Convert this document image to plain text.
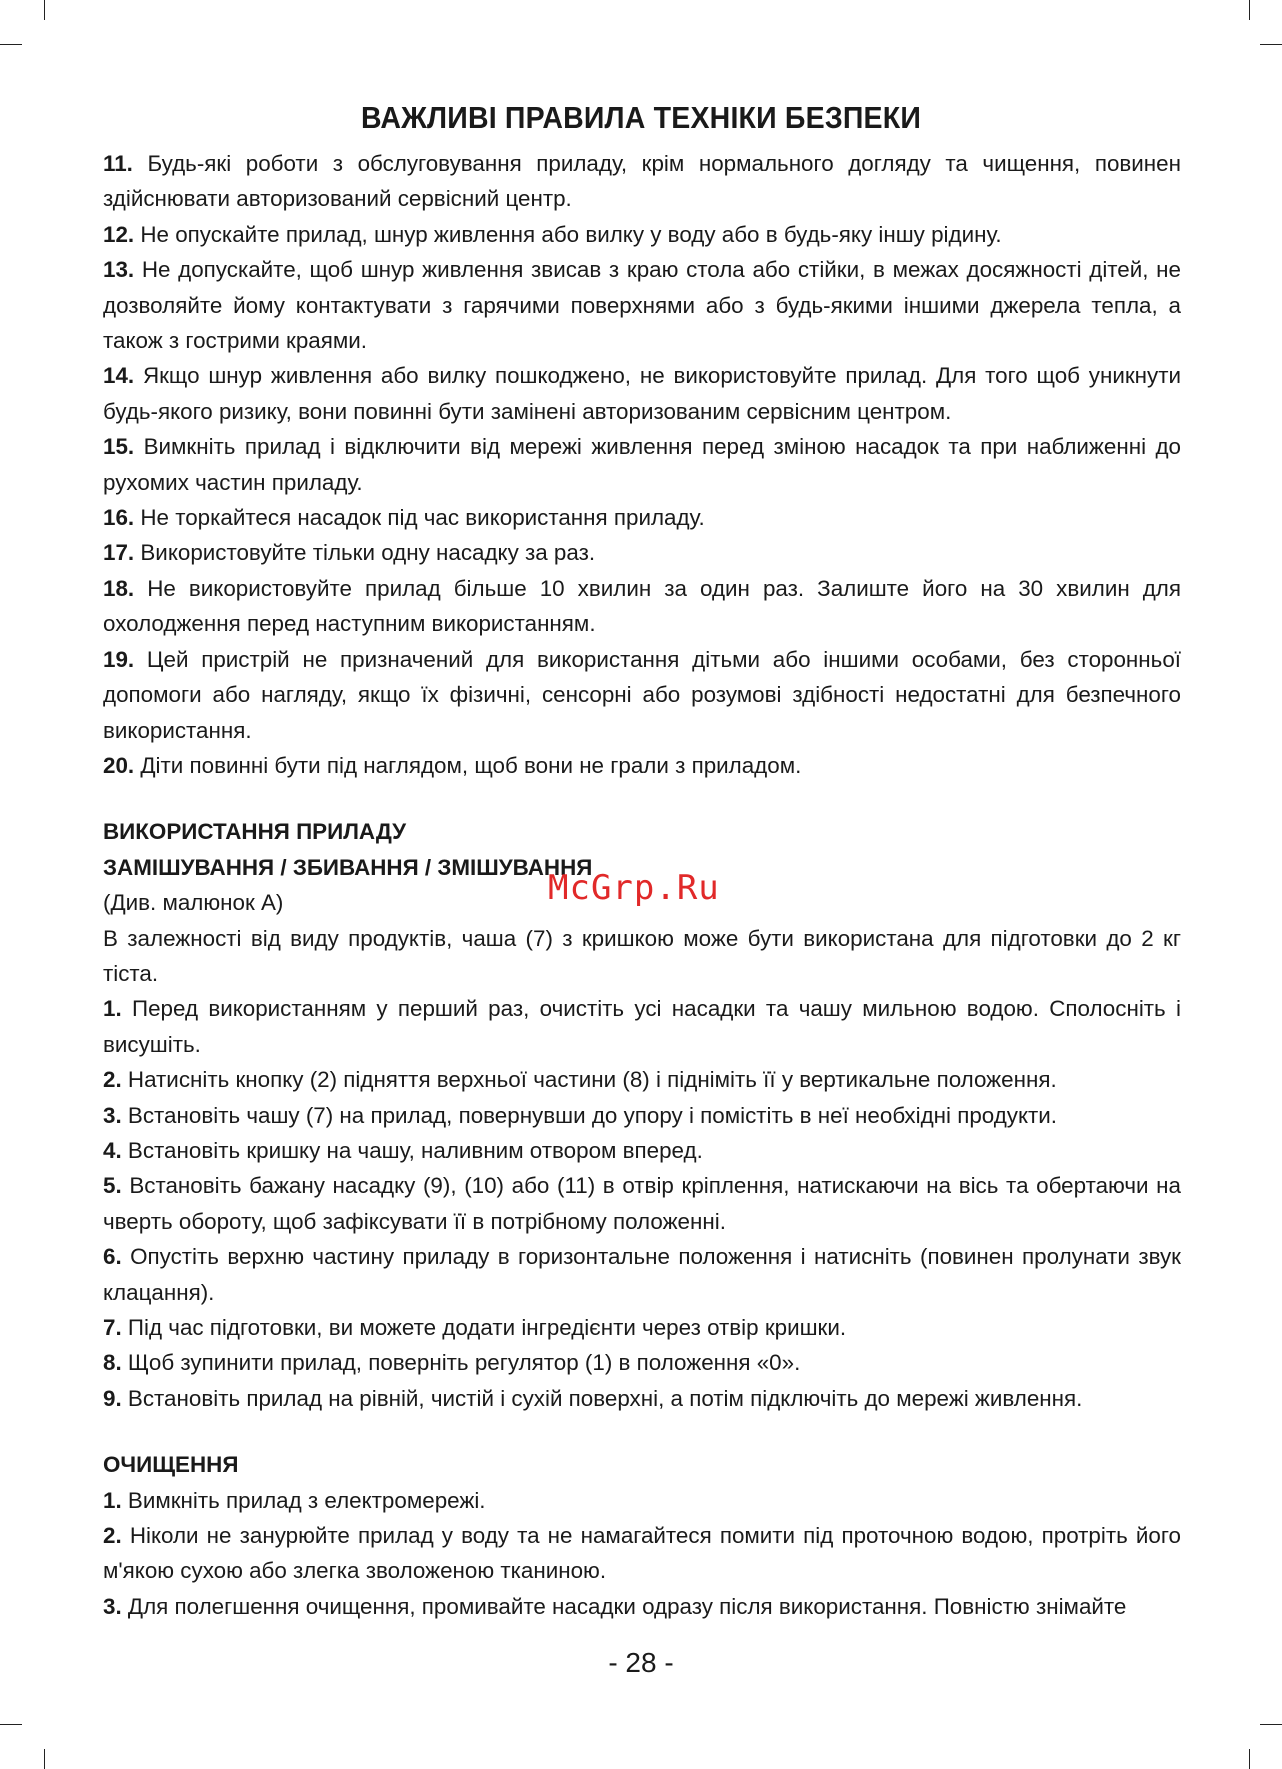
ВАЖЛИВІ ПРАВИЛА ТЕХНІКИ БЕЗПЕКИ

11. Будь-які роботи з обслуговування приладу, крім нормального догляду та чищення, повинен здійснювати авторизований сервісний центр.

12. Не опускайте прилад, шнур живлення або вилку у воду або в будь-яку іншу рідину.

13. Не допускайте, щоб шнур живлення звисав з краю стола або стійки, в межах досяжності дітей, не дозволяйте йому контактувати з гарячими поверхнями або з будь-якими іншими джерела тепла, а також з гострими краями.

14. Якщо шнур живлення або вилку пошкоджено, не використовуйте прилад. Для того щоб уникнути будь-якого ризику, вони повинні бути замінені авторизованим сервісним центром.

15. Вимкніть прилад і відключити від мережі живлення перед зміною насадок та при наближенні до рухомих частин приладу.

16. Не торкайтеся насадок під час використання приладу.

17. Використовуйте тільки одну насадку за раз.

18. Не використовуйте прилад більше 10 хвилин за один раз. Залиште його на 30 хвилин для охолодження перед наступним використанням.

19. Цей пристрій не призначений для використання дітьми або іншими особами, без сторонньої допомоги або нагляду, якщо їх фізичні, сенсорні або розумові здібності недостатні для безпечного використання.

20. Діти повинні бути під наглядом, щоб вони не грали з приладом.

ВИКОРИСТАННЯ ПРИЛАДУ

ЗАМІШУВАННЯ / ЗБИВАННЯ / ЗМІШУВАННЯ

(Див. малюнок А)

В залежності від виду продуктів, чаша (7) з кришкою може бути використана для підготовки до 2 кг тіста.

1. Перед використанням у перший раз, очистіть усі насадки та чашу мильною водою. Сполосніть і висушіть.

2. Натисніть кнопку (2) підняття верхньої частини (8) і підніміть її у вертикальне положення.

3. Встановіть чашу (7) на прилад, повернувши до упору і помістіть в неї необхідні продукти.

4. Встановіть кришку на чашу, наливним отвором вперед.

5. Встановіть бажану насадку (9), (10) або (11) в отвір кріплення, натискаючи на вісь та обертаючи на чверть обороту, щоб зафіксувати її в потрібному положенні.

6. Опустіть верхню частину приладу в горизонтальне положення і натисніть (повинен пролунати звук клацання).

7. Під час підготовки, ви можете додати інгредієнти через отвір кришки.

8. Щоб зупинити прилад, поверніть регулятор (1) в положення «0».

9. Встановіть прилад на рівній, чистій і сухій поверхні, а потім підключіть до мережі живлення.

ОЧИЩЕННЯ

1. Вимкніть прилад з електромережі.

2. Ніколи не занурюйте прилад у воду та не намагайтеся помити під проточною водою, протріть його м'якою сухою або злегка зволоженою тканиною.

3. Для полегшення очищення, промивайте насадки одразу після використання. Повністю знімайте

McGrp.Ru
- 28 -
